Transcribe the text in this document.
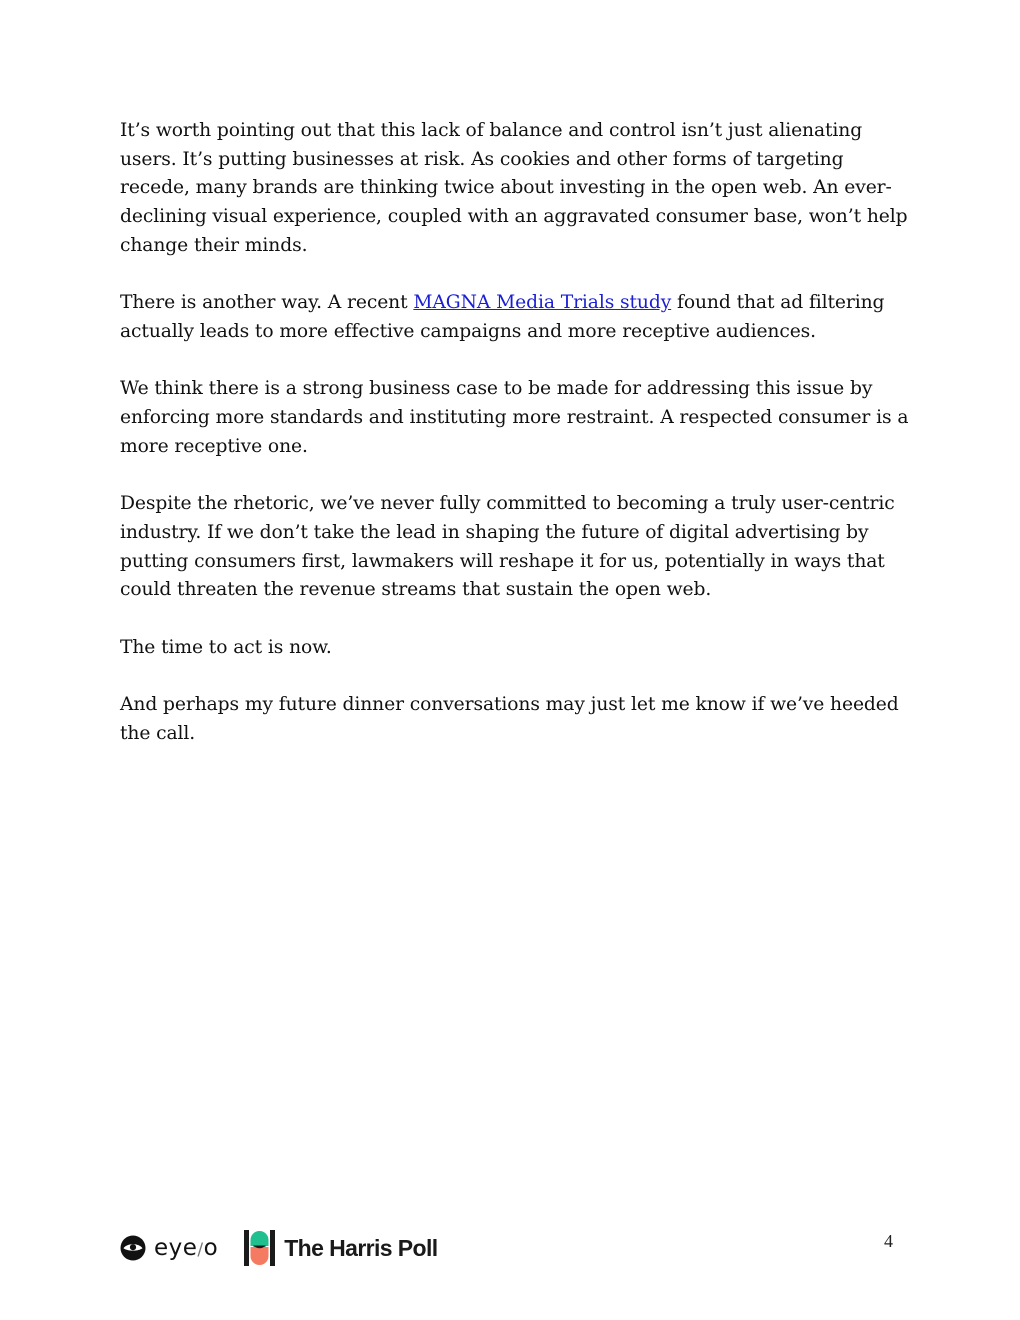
It’s worth pointing out that this lack of balance and control isn’t just alienating users. It’s putting businesses at risk. As cookies and other forms of targeting recede, many brands are thinking twice about investing in the open web. An ever-declining visual experience, coupled with an aggravated consumer base, won’t help change their minds.

There is another way. A recent MAGNA Media Trials study found that ad filtering actually leads to more effective campaigns and more receptive audiences.

We think there is a strong business case to be made for addressing this issue by enforcing more standards and instituting more restraint. A respected consumer is a more receptive one.

Despite the rhetoric, we’ve never fully committed to becoming a truly user-centric industry. If we don’t take the lead in shaping the future of digital advertising by putting consumers first, lawmakers will reshape it for us, potentially in ways that could threaten the revenue streams that sustain the open web.

The time to act is now.

And perhaps my future dinner conversations may just let me know if we’ve heeded the call.

eye/o	The Harris Poll	4
